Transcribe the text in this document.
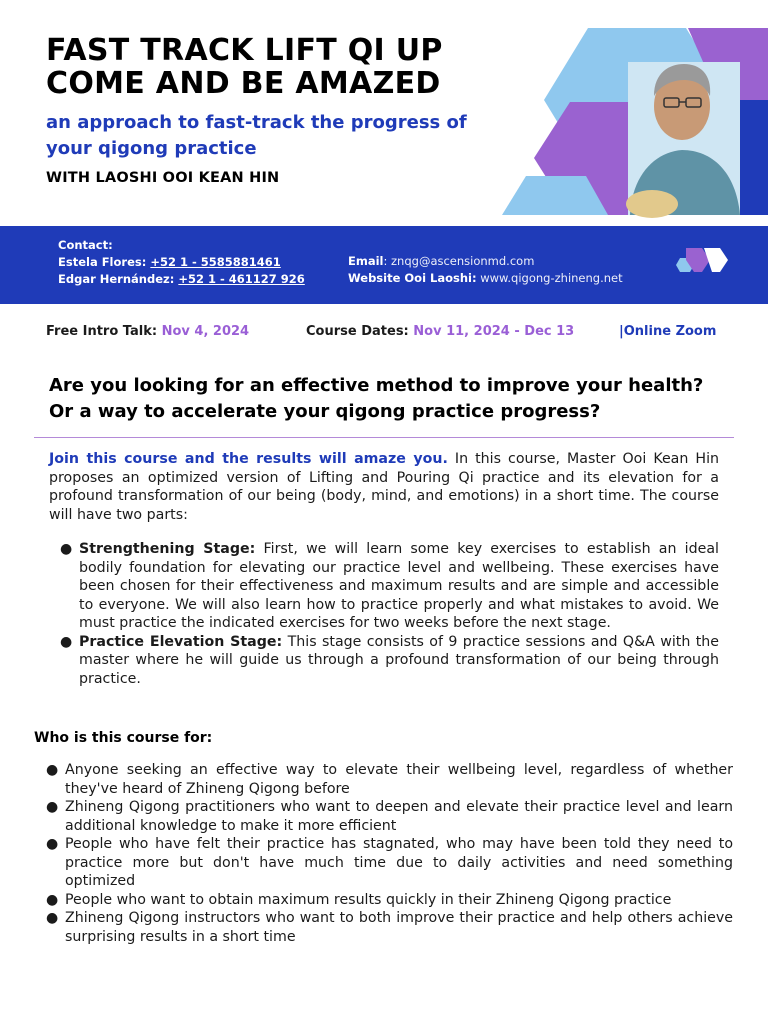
FAST TRACK LIFT QI UP
COME AND BE AMAZED
an approach to fast-track the progress of your qigong practice
WITH LAOSHI OOI KEAN HIN
Contact:
Estela Flores: +52 1 - 5585881461
Edgar Hernández: +52 1 - 461127 926
Email: znqg@ascensionmd.com
Website Ooi Laoshi: www.qigong-zhineng.net
Free Intro Talk: Nov 4, 2024	Course Dates: Nov 11, 2024 - Dec 13	|Online Zoom
Are you looking for an effective method to improve your health?
Or a way to accelerate your qigong practice progress?

Join this course and the results will amaze you. In this course, Master Ooi Kean Hin proposes an optimized version of Lifting and Pouring Qi practice and its elevation for a profound transformation of our being (body, mind, and emotions) in a short time. The course will have two parts:

● Strengthening Stage: First, we will learn some key exercises to establish an ideal bodily foundation for elevating our practice level and wellbeing. These exercises have been chosen for their effectiveness and maximum results and are simple and accessible to everyone. We will also learn how to practice properly and what mistakes to avoid. We must practice the indicated exercises for two weeks before the next stage.
● Practice Elevation Stage: This stage consists of 9 practice sessions and Q&A with the master where he will guide us through a profound transformation of our being through practice.
Who is this course for:
● Anyone seeking an effective way to elevate their wellbeing level, regardless of whether they've heard of Zhineng Qigong before
● Zhineng Qigong practitioners who want to deepen and elevate their practice level and learn additional knowledge to make it more efficient
● People who have felt their practice has stagnated, who may have been told they need to practice more but don't have much time due to daily activities and need something optimized
● People who want to obtain maximum results quickly in their Zhineng Qigong practice
● Zhineng Qigong instructors who want to both improve their practice and help others achieve surprising results in a short time
